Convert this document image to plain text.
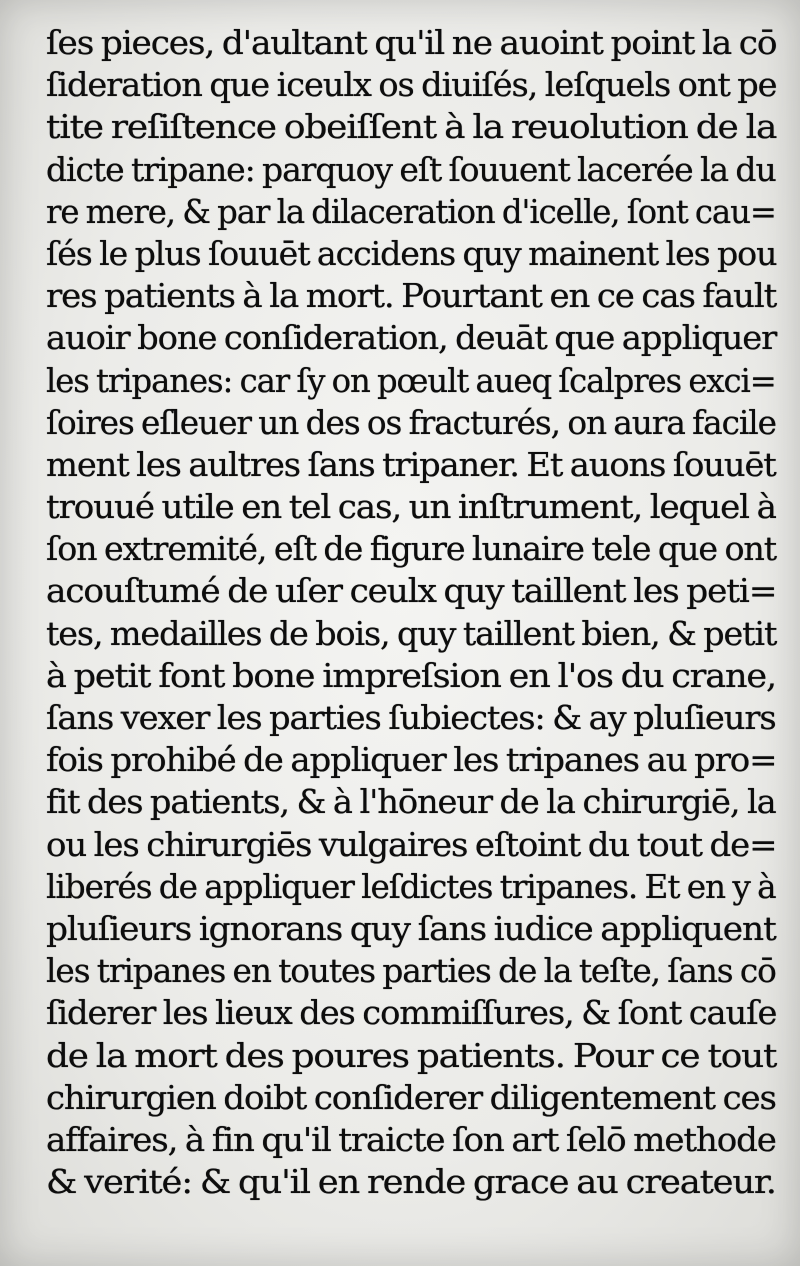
ſes pieces, d'aultant qu'il ne auoint point la cō
ſideration que iceulx os diuiſés, leſquels ont pe
tite reſiſtence obeiſſent à la reuolution de la
dicte tripane: parquoy eſt ſouuent lacerée la du
re mere, & par la dilaceration d'icelle, ſont cau=
ſés le plus ſouuēt accidens quy mainent les pou
res patients à la mort. Pourtant en ce cas fault
auoir bone conſideration, deuāt que appliquer
les tripanes: car ſy on pœult aueq ſcalpres exci=
ſoires eſleuer un des os fracturés, on aura facile
ment les aultres ſans tripaner. Et auons ſouuēt
trouué utile en tel cas, un inſtrument, lequel à
ſon extremité, eſt de figure lunaire tele que ont
acouſtumé de uſer ceulx quy taillent les peti=
tes, medailles de bois, quy taillent bien, & petit
à petit font bone impreſsion en l'os du crane,
ſans vexer les parties ſubiectes: & ay pluſieurs
fois prohibé de appliquer les tripanes au pro=
fit des patients, & à l'hōneur de la chirurgiē, la
ou les chirurgiēs vulgaires eſtoint du tout de=
liberés de appliquer leſdictes tripanes. Et en y à
pluſieurs ignorans quy ſans iudice appliquent
les tripanes en toutes parties de la teſte, ſans cō
ſiderer les lieux des commiſſures, & ſont cauſe
de la mort des poures patients. Pour ce tout
chirurgien doibt conſiderer diligentement ces
affaires, à fin qu'il traicte ſon art ſelō methode
& verité: & qu'il en rende grace au createur.
